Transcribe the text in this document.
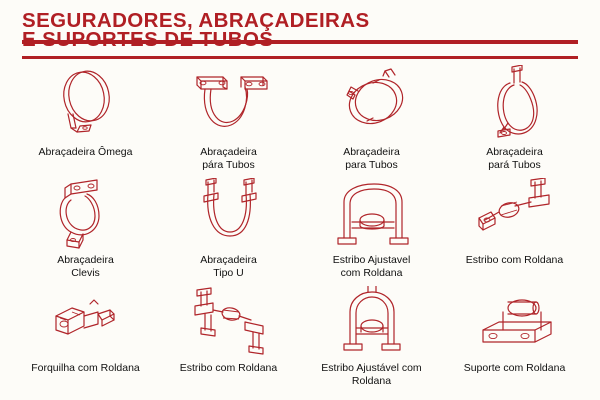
SEGURADORES, ABRAÇADEIRAS
Abraçadeira Ômega	Abraçadeira
pára Tubos
Abraçadeira
para Tubos
Abraçadeira
pará Tubos
Abraçadeira
Clevis
Abraçadeira
Tipo U
Estribo Ajustavel
com Roldana
Estribo com Roldana
Forquilha com Roldana	Estribo com Roldana	Estribo Ajustável com
Roldana
Suporte com Roldana
